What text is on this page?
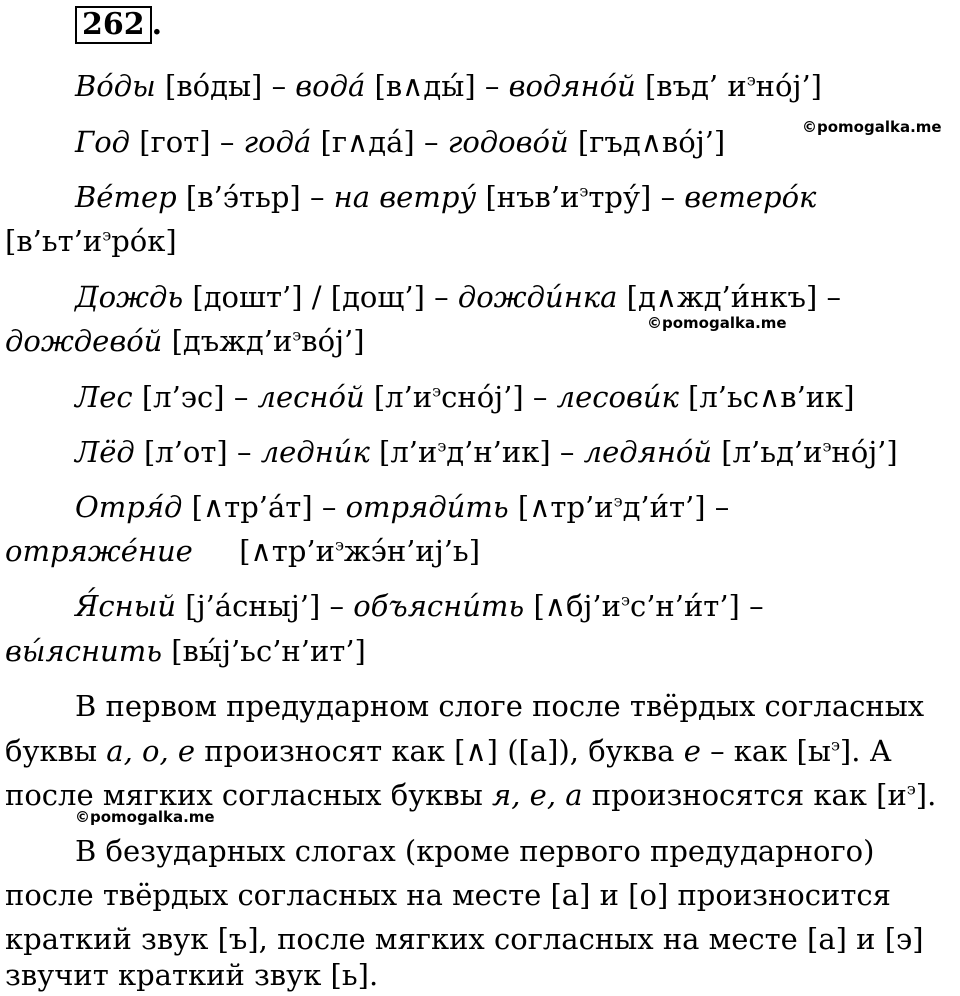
262 .
Во́ды [во́ды] – вода́ [в∧ды́] – водяно́й [въд’ $и^эно́j$’]
Год [гот] – года́ [г∧да́] – годово́й [гъд∧во́j’]	©pomogalka.me
Ве́тер [в’э́тьр] – на ветру́ $[нъв’и^этру́]$ – ветеро́к
$[в’ьт’и^эро́к]$
Дождь [дошт’] / [дощ’] – дожди́нка [д∧жд’и́нкъ] –
©pomogalka.me
дождево́й $[дъжд’и^эво́j’]$
Лес [л’эс] – лесно́й $[л’и^эсно́j’]$ – лесови́к [л’ьс∧в’ик]
Лёд [л’от] – ледни́к $[л’и^эд’н’ик]$ – ледяно́й $[л’ьд’и^эно́j’]$
Отря́д [∧тр’а́т] – отряди́ть $[\wedge тр’и^эд’и́т’]$ –
отряже́ние $[\wedge тр’и^эжэ́н’иj’ь]$
Я́сный [j’а́сныj’] – объясни́ть $[\wedge бj’и^эс’н’и́т’]$ –
вы́яснить [вы́j’ьс’н’ит’]
В первом предударном слоге после твёрдых согласных
буквы а, о, е произносят как [∧] ([а]), буква е – как $[ы^э]$. А
после мягких согласных буквы я, е, а произносятся как $[и^э]$.
©pomogalka.me
В безударных слогах (кроме первого предударного)
после твёрдых согласных на месте [а] и [о] произносится
краткий звук [ъ], после мягких согласных на месте [а] и [э]
звучит краткий звук [ь].
